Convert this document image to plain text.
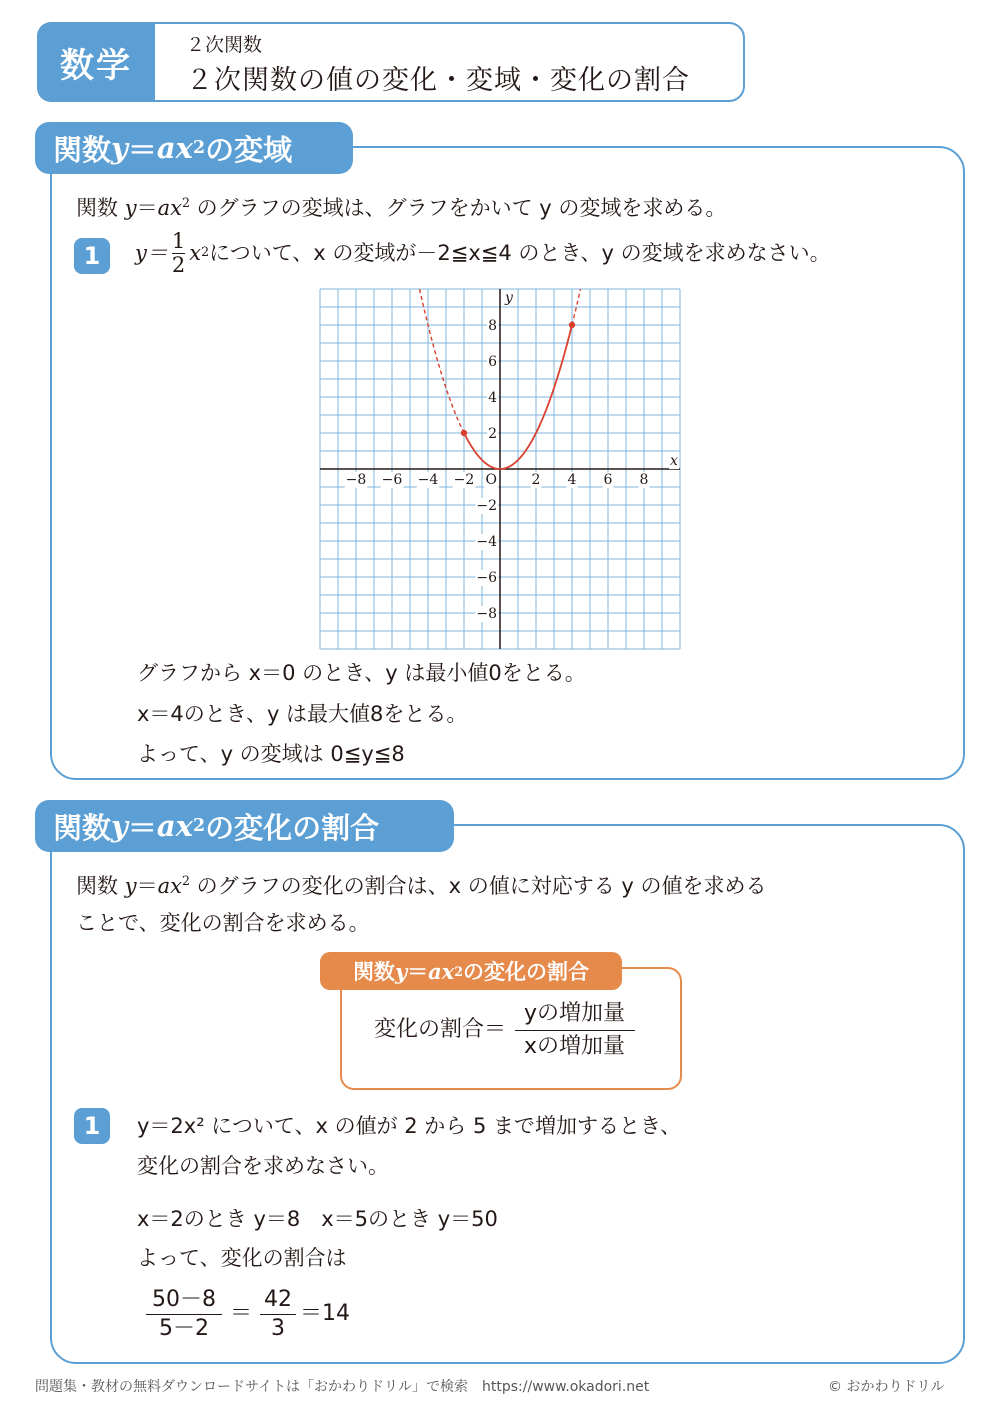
数学
２次関数
２次関数の値の変化・変域・変化の割合
関数 y ＝ ax 2 の変域
関数 $y=ax^2$ のグラフの変域は、グラフをかいて y の変域を求める。
1	$y= \frac{1}{2}$ x 2 について、x の変域が－2≦x≦4 のとき、y の変域を求めなさい。
−8 −6 −4 −2	2 4 6 8
8
6
4
2
−2
−4
−6
−8
O
x
y
グラフから x＝0 のとき、y は最小値0をとる。
x＝4のとき、y は最大値8をとる。
よって、y の変域は 0≦y≦8
関数 y ＝ ax 2 の変化の割合
関数 $y=ax^2$ のグラフの変化の割合は、x の値に対応する y の値を求める
ことで、変化の割合を求める。
関数 y ＝ ax 2 の変化の割合
変化の割合＝ $\frac{\text{yの増加量}}{\text{xの増加量}}$
1	y＝2x² について、x の値が 2 から 5 まで増加するとき、
変化の割合を求めなさい。
x＝2のとき y＝8　x＝5のとき y＝50
よって、変化の割合は
$\frac{50-8}{5-2} = \frac{42}{3} =14$
問題集・教材の無料ダウンロードサイトは「おかわりドリル」で検索　https://www.okadori.net	© おかわりドリル
